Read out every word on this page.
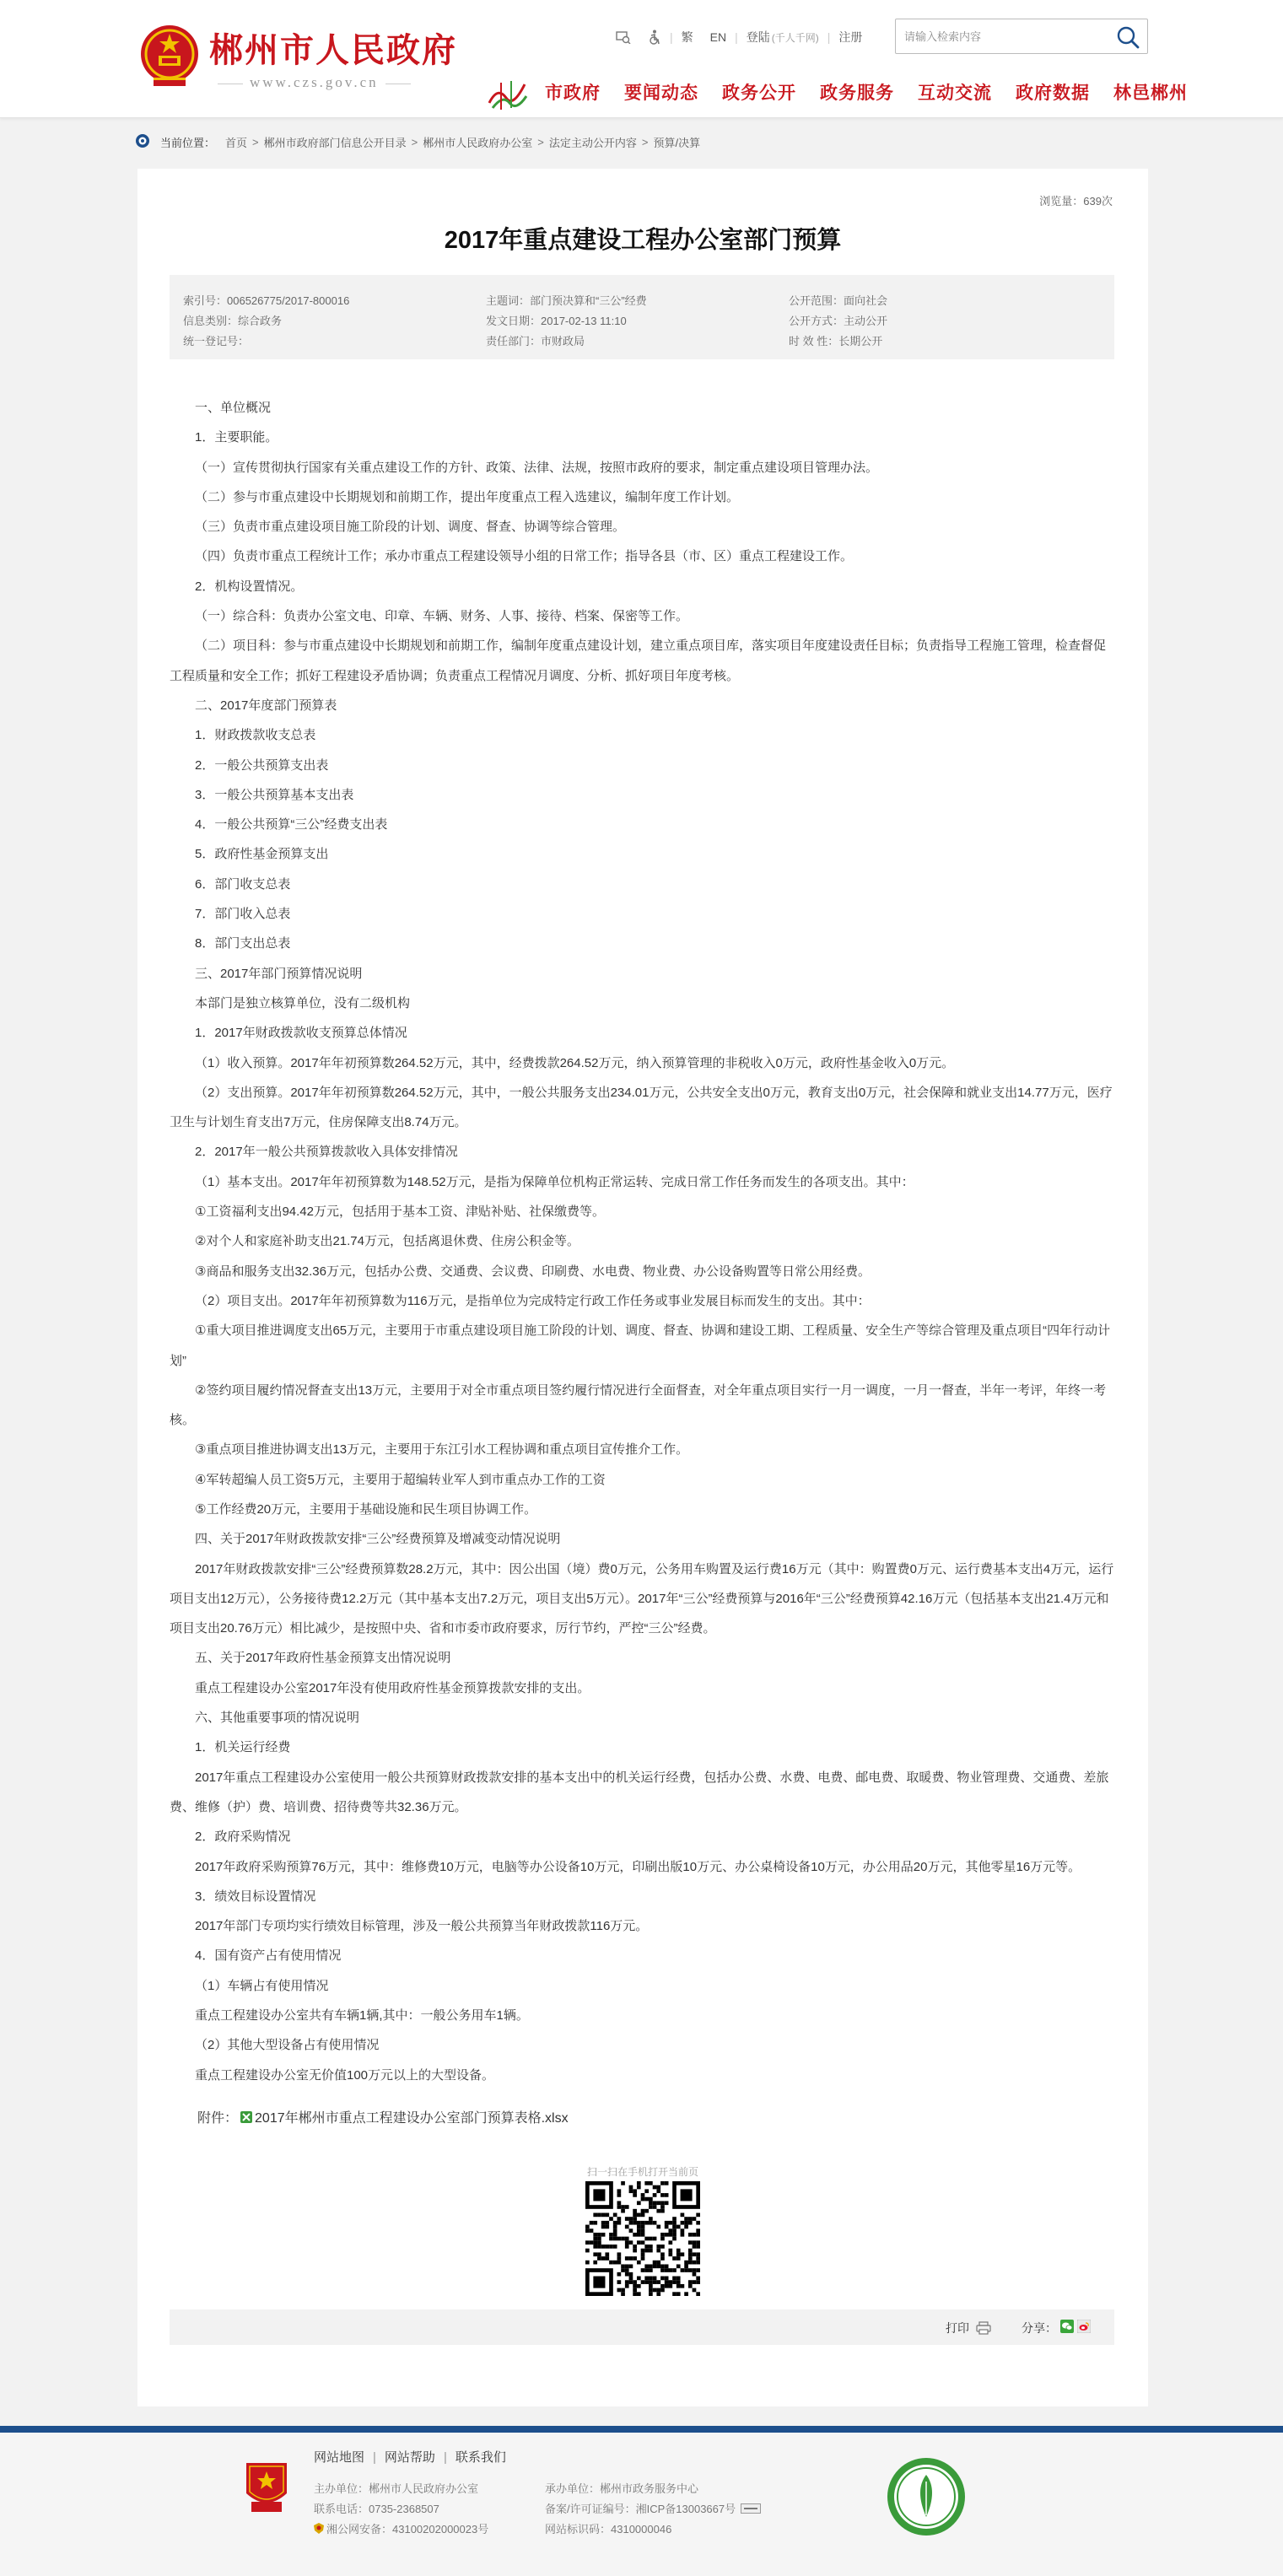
郴州市人民政府
www.czs.gov.cn
| 繁 EN | 登陆 (千人千网) | 注册
请输入检索内容
市政府 要闻动态 政务公开 政务服务 互动交流 政府数据 林邑郴州
当前位置： 首页 > 郴州市政府部门信息公开目录 > 郴州市人民政府办公室 > 法定主动公开内容 > 预算/决算
浏览量：639次
2017年重点建设工程办公室部门预算
索引号：006526775/2017-800016
信息类别：综合政务
统一登记号：
主题词：部门预决算和“三公”经费
发文日期：2017-02-13 11:10
责任部门：市财政局
公开范围：面向社会
公开方式：主动公开
时 效 性：长期公开

一、单位概况

1．主要职能。

（一）宣传贯彻执行国家有关重点建设工作的方针、政策、法律、法规，按照市政府的要求，制定重点建设项目管理办法。

（二）参与市重点建设中长期规划和前期工作，提出年度重点工程入选建议，编制年度工作计划。

（三）负责市重点建设项目施工阶段的计划、调度、督查、协调等综合管理。

（四）负责市重点工程统计工作；承办市重点工程建设领导小组的日常工作；指导各县（市、区）重点工程建设工作。

2．机构设置情况。

（一）综合科：负责办公室文电、印章、车辆、财务、人事、接待、档案、保密等工作。

（二）项目科：参与市重点建设中长期规划和前期工作，编制年度重点建设计划，建立重点项目库，落实项目年度建设责任目标；负责指导工程施工管理，检查督促工程质量和安全工作；抓好工程建设矛盾协调；负责重点工程情况月调度、分析、抓好项目年度考核。

二、2017年度部门预算表

1．财政拨款收支总表

2．一般公共预算支出表

3．一般公共预算基本支出表

4．一般公共预算“三公”经费支出表

5．政府性基金预算支出

6．部门收支总表

7．部门收入总表

8．部门支出总表

三、2017年部门预算情况说明

本部门是独立核算单位，没有二级机构

1．2017年财政拨款收支预算总体情况

（1）收入预算。2017年年初预算数264.52万元，其中，经费拨款264.52万元，纳入预算管理的非税收入0万元，政府性基金收入0万元。

（2）支出预算。2017年年初预算数264.52万元，其中，一般公共服务支出234.01万元，公共安全支出0万元，教育支出0万元，社会保障和就业支出14.77万元，医疗卫生与计划生育支出7万元，住房保障支出8.74万元。

2．2017年一般公共预算拨款收入具体安排情况

（1）基本支出。2017年年初预算数为148.52万元，是指为保障单位机构正常运转、完成日常工作任务而发生的各项支出。其中：

①工资福利支出94.42万元，包括用于基本工资、津贴补贴、社保缴费等。

②对个人和家庭补助支出21.74万元，包括离退休费、住房公积金等。

③商品和服务支出32.36万元，包括办公费、交通费、会议费、印刷费、水电费、物业费、办公设备购置等日常公用经费。

（2）项目支出。2017年年初预算数为116万元，是指单位为完成特定行政工作任务或事业发展目标而发生的支出。其中：

①重大项目推进调度支出65万元，主要用于市重点建设项目施工阶段的计划、调度、督查、协调和建设工期、工程质量、安全生产等综合管理及重点项目“四年行动计划”

②签约项目履约情况督查支出13万元，主要用于对全市重点项目签约履行情况进行全面督查，对全年重点项目实行一月一调度，一月一督查，半年一考评，年终一考核。

③重点项目推进协调支出13万元，主要用于东江引水工程协调和重点项目宣传推介工作。

④军转超编人员工资5万元，主要用于超编转业军人到市重点办工作的工资

⑤工作经费20万元，主要用于基础设施和民生项目协调工作。

四、关于2017年财政拨款安排“三公”经费预算及增减变动情况说明

2017年财政拨款安排“三公”经费预算数28.2万元，其中：因公出国（境）费0万元，公务用车购置及运行费16万元（其中：购置费0万元、运行费基本支出4万元，运行项目支出12万元），公务接待费12.2万元（其中基本支出7.2万元，项目支出5万元）。2017年“三公”经费预算与2016年“三公”经费预算42.16万元（包括基本支出21.4万元和项目支出20.76万元）相比减少，是按照中央、省和市委市政府要求，厉行节约，严控“三公”经费。

五、关于2017年政府性基金预算支出情况说明

重点工程建设办公室2017年没有使用政府性基金预算拨款安排的支出。

六、其他重要事项的情况说明

1．机关运行经费

2017年重点工程建设办公室使用一般公共预算财政拨款安排的基本支出中的机关运行经费，包括办公费、水费、电费、邮电费、取暖费、物业管理费、交通费、差旅费、维修（护）费、培训费、招待费等共32.36万元。

2．政府采购情况

2017年政府采购预算76万元，其中：维修费10万元，电脑等办公设备10万元，印刷出版10万元、办公桌椅设备10万元，办公用品20万元，其他零星16万元等。

3．绩效目标设置情况

2017年部门专项均实行绩效目标管理，涉及一般公共预算当年财政拨款116万元。

4．国有资产占有使用情况

（1）车辆占有使用情况

重点工程建设办公室共有车辆1辆,其中：一般公务用车1辆。

（2）其他大型设备占有使用情况

重点工程建设办公室无价值100万元以上的大型设备。

附件： 2017年郴州市重点工程建设办公室部门预算表格.xlsx
扫一扫在手机打开当前页
打印	分享：
网站地图 | 网站帮助 | 联系我们
主办单位：郴州市人民政府办公室
联系电话：0735-2368507
湘公网安备：43100202000023号
承办单位：郴州市政务服务中心
备案/许可证编号：湘ICP备13003667号
网站标识码：4310000046
